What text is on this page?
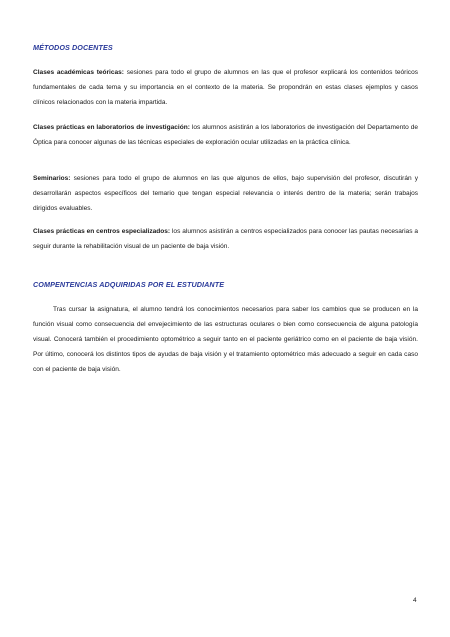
MÉTODOS DOCENTES

Clases académicas teóricas: sesiones para todo el grupo de alumnos en las que el profesor explicará los contenidos teóricos fundamentales de cada tema y su importancia en el contexto de la materia. Se propondrán en estas clases ejemplos y casos clínicos relacionados con la materia impartida.

Clases prácticas en laboratorios de investigación: los alumnos asistirán a los laboratorios de investigación del Departamento de Óptica para conocer algunas de las técnicas especiales de exploración ocular utilizadas en la práctica clínica.

Seminarios: sesiones para todo el grupo de alumnos en las que algunos de ellos, bajo supervisión del profesor, discutirán y desarrollarán aspectos específicos del temario que tengan especial relevancia o interés dentro de la materia; serán trabajos dirigidos evaluables.

Clases prácticas en centros especializados: los alumnos asistirán a centros especializados para conocer las pautas necesarias a seguir durante la rehabilitación visual de un paciente de baja visión.

COMPENTENCIAS ADQUIRIDAS POR EL ESTUDIANTE

Tras cursar la asignatura, el alumno tendrá los conocimientos necesarios para saber los cambios que se producen en la función visual como consecuencia del envejecimiento de las estructuras oculares o bien como consecuencia de alguna patología visual. Conocerá también el procedimiento optométrico a seguir tanto en el paciente geriátrico como en el paciente de baja visión. Por último, conocerá los distintos tipos de ayudas de baja visión y el tratamiento optométrico más adecuado a seguir en cada caso con el paciente de baja visión.

4
